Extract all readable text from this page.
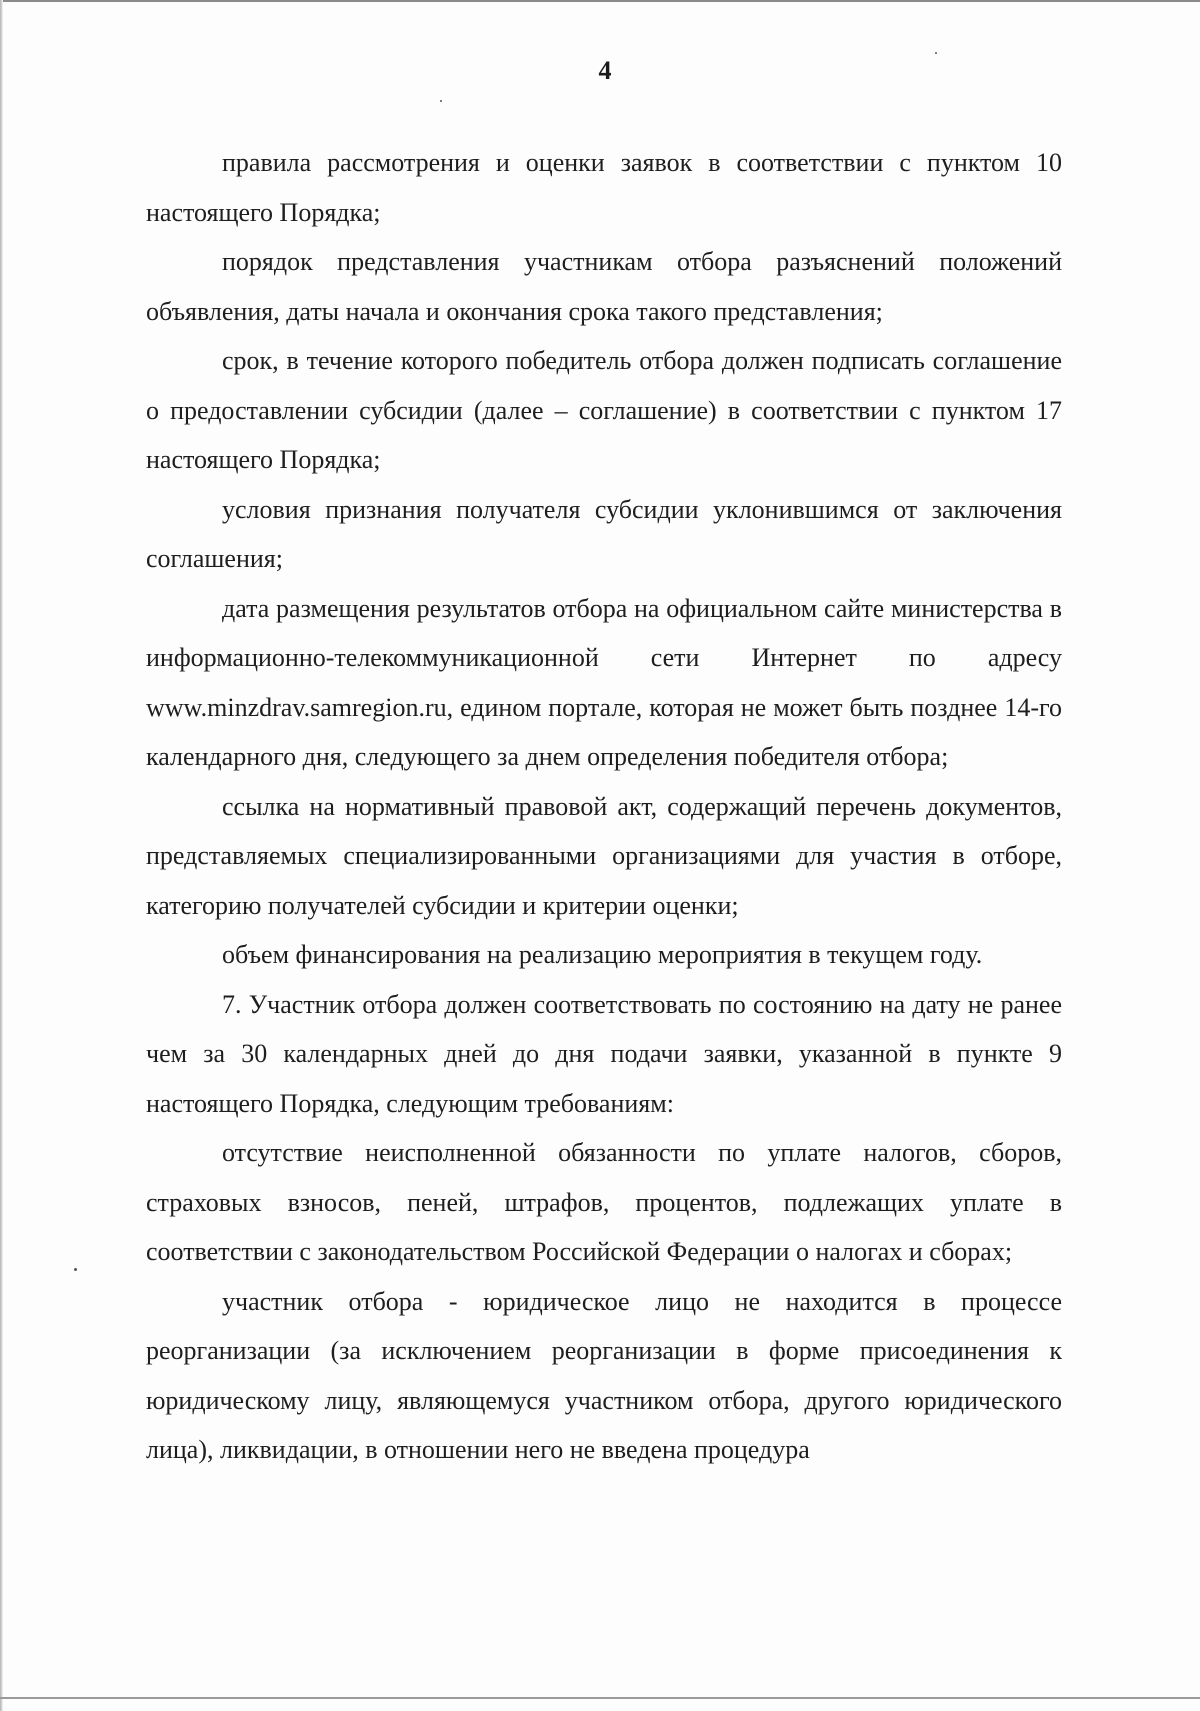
4

правила рассмотрения и оценки заявок в соответствии с пунктом 10 настоящего Порядка;

порядок представления участникам отбора разъяснений положений объявления, даты начала и окончания срока такого представления;

срок, в течение которого победитель отбора должен подписать соглашение о предоставлении субсидии (далее – соглашение) в соответствии с пунктом 17 настоящего Порядка;

условия признания получателя субсидии уклонившимся от заключения соглашения;

дата размещения результатов отбора на официальном сайте министерства в информационно-телекоммуникационной сети Интернет по адресу www.minzdrav.samregion.ru, едином портале, которая не может быть позднее 14-го календарного дня, следующего за днем определения победителя отбора;

ссылка на нормативный правовой акт, содержащий перечень документов, представляемых специализированными организациями для участия в отборе, категорию получателей субсидии и критерии оценки;

объем финансирования на реализацию мероприятия в текущем году.

7. Участник отбора должен соответствовать по состоянию на дату не ранее чем за 30 календарных дней до дня подачи заявки, указанной в пункте 9 настоящего Порядка, следующим требованиям:

отсутствие неисполненной обязанности по уплате налогов, сборов, страховых взносов, пеней, штрафов, процентов, подлежащих уплате в соответствии с законодательством Российской Федерации о налогах и сборах;

участник отбора - юридическое лицо не находится в процессе реорганизации (за исключением реорганизации в форме присоединения к юридическому лицу, являющемуся участником отбора, другого юридического лица), ликвидации, в отношении него не введена процедура
